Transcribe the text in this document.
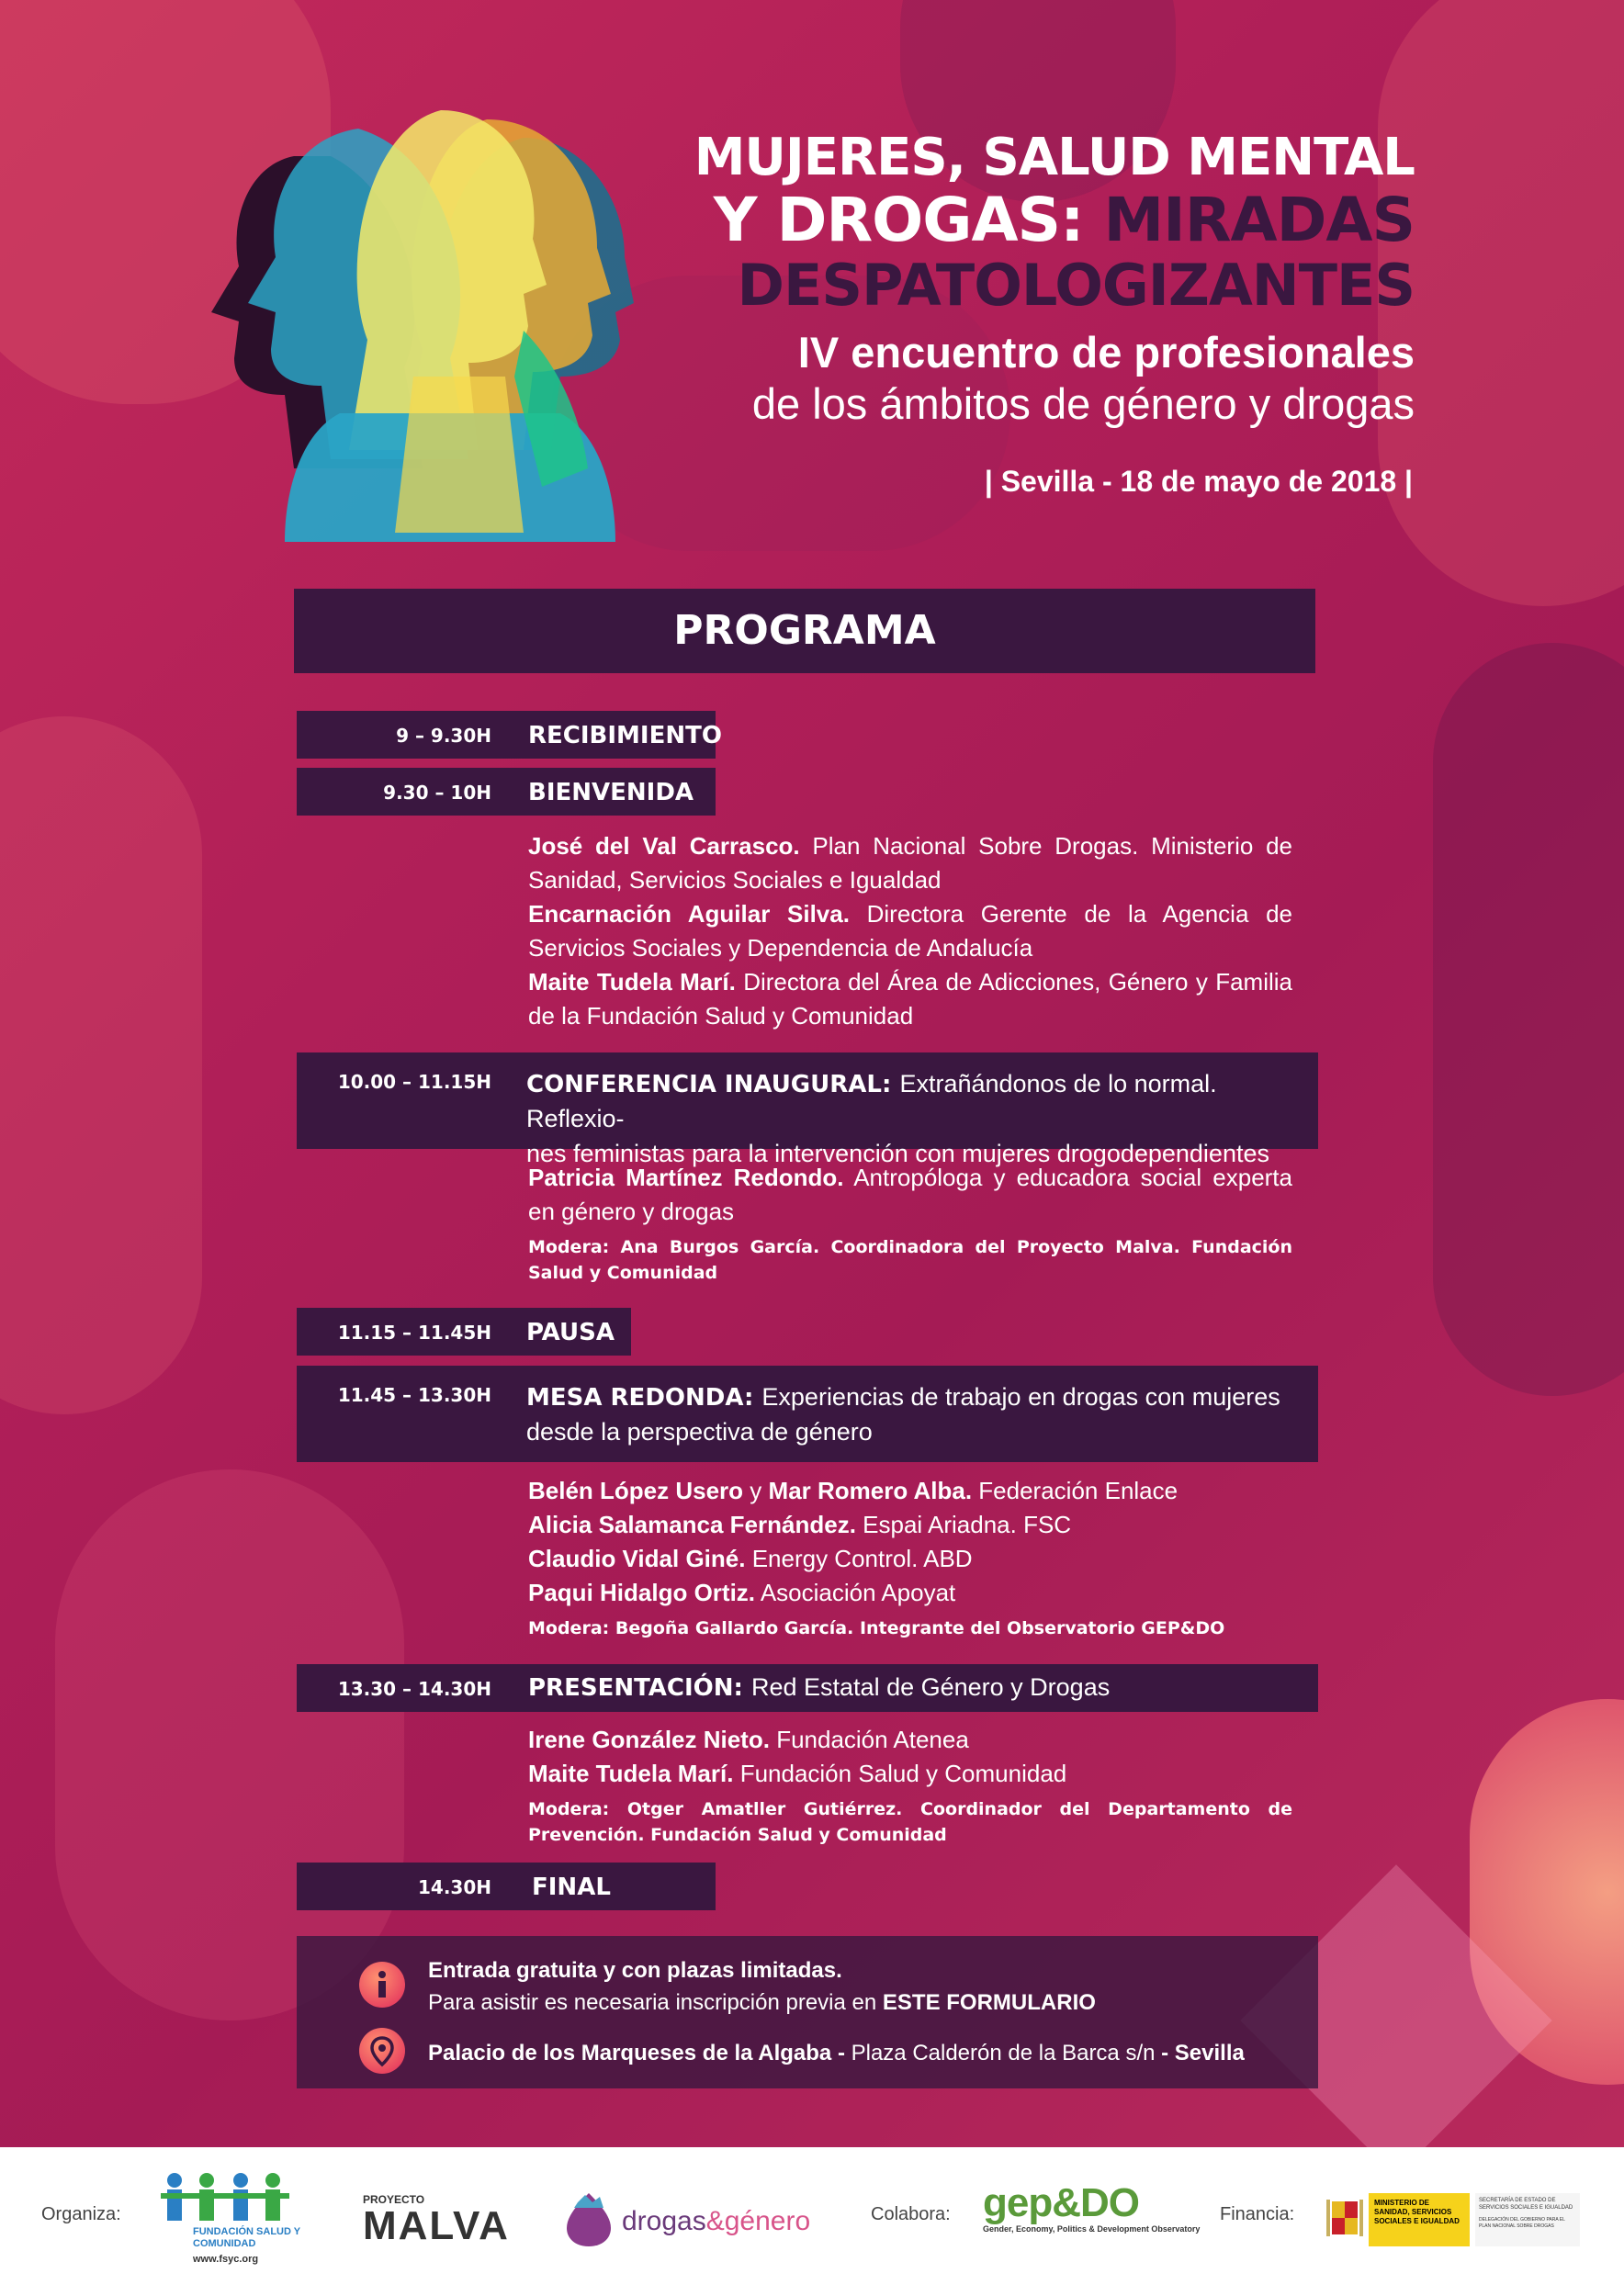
MUJERES, SALUD MENTAL
Y DROGAS: MIRADAS
DESPATOLOGIZANTES
IV encuentro de profesionales
de los ámbitos de género y drogas
| Sevilla - 18 de mayo de 2018 |
PROGRAMA
9 – 9.30H RECIBIMIENTO
9.30 – 10H BIENVENIDA
José del Val Carrasco. Plan Nacional Sobre Drogas. Ministerio de Sanidad, Servicios Sociales e Igualdad
Encarnación Aguilar Silva. Directora Gerente de la Agencia de Servicios Sociales y Dependencia de Andalucía
Maite Tudela Marí. Directora del Área de Adicciones, Género y Familia de la Fundación Salud y Comunidad
10.00 – 11.15H CONFERENCIA INAUGURAL: Extrañándonos de lo normal. Reflexio-
nes feministas para la intervención con mujeres drogodependientes
Patricia Martínez Redondo. Antropóloga y educadora social experta en género y drogas
Modera: Ana Burgos García. Coordinadora del Proyecto Malva. Fundación Salud y Comunidad
11.15 – 11.45H PAUSA
11.45 – 13.30H MESA REDONDA: Experiencias de trabajo en drogas con mujeres
desde la perspectiva de género
Belén López Usero y Mar Romero Alba. Federación Enlace
Alicia Salamanca Fernández. Espai Ariadna. FSC
Claudio Vidal Giné. Energy Control. ABD
Paqui Hidalgo Ortiz. Asociación Apoyat
Modera: Begoña Gallardo García. Integrante del Observatorio GEP&DO
13.30 – 14.30H PRESENTACIÓN: Red Estatal de Género y Drogas
Irene González Nieto. Fundación Atenea
Maite Tudela Marí. Fundación Salud y Comunidad
Modera: Otger Amatller Gutiérrez. Coordinador del Departamento de Prevención. Fundación Salud y Comunidad
14.30H FINAL
Entrada gratuita y con plazas limitadas.
Para asistir es necesaria inscripción previa en ESTE FORMULARIO
Palacio de los Marqueses de la Algaba - Plaza Calderón de la Barca s/n - Sevilla
Organiza:
FUNDACIÓN SALUD Y COMUNIDAD
www.fsyc.org
PROYECTO
MALVA	drogas&género	Colabora: gep&DO
Gender, Economy, Politics & Development Observatory
Financia:
MINISTERIO DE SANIDAD, SERVICIOS SOCIALES E IGUALDAD
SECRETARÍA DE ESTADO DE SERVICIOS SOCIALES E IGUALDAD
DELEGACIÓN DEL GOBIERNO PARA EL PLAN NACIONAL SOBRE DROGAS
